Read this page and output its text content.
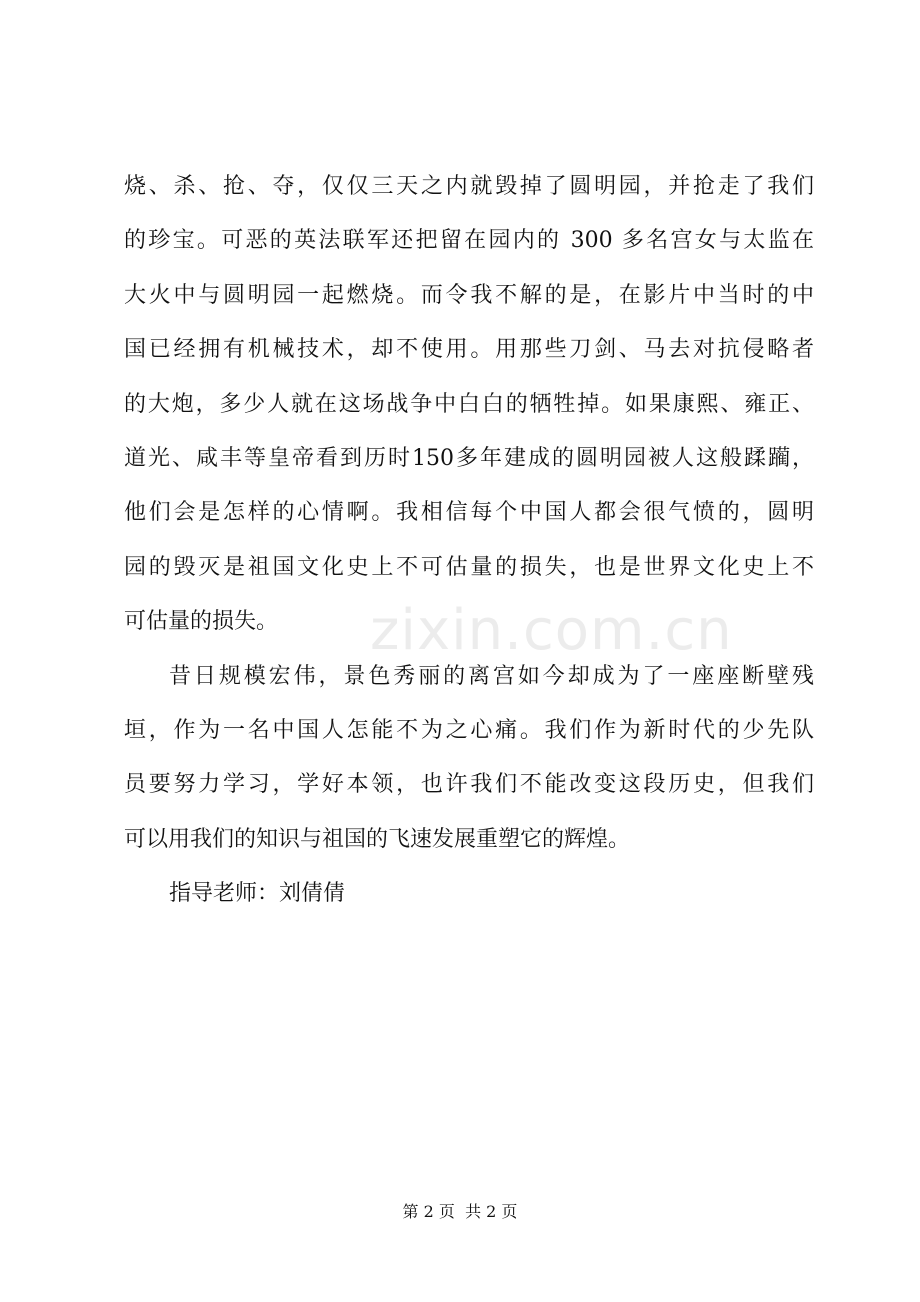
zixin.com.cn
烧、杀、抢、夺，仅仅三天之内就毁掉了圆明园，并抢走了我们
的珍宝。可恶的英法联军还把留在园内的 300 多名宫女与太监在
大火中与圆明园一起燃烧。而令我不解的是，在影片中当时的中
国已经拥有机械技术，却不使用。用那些刀剑、马去对抗侵略者
的大炮，多少人就在这场战争中白白的牺牲掉。如果康熙、雍正、
道光、咸丰等皇帝看到历时150多年建成的圆明园被人这般蹂躏，
他们会是怎样的心情啊。我相信每个中国人都会很气愤的，圆明
园的毁灭是祖国文化史上不可估量的损失，也是世界文化史上不
可估量的损失。
昔日规模宏伟，景色秀丽的离宫如今却成为了一座座断壁残
垣，作为一名中国人怎能不为之心痛。我们作为新时代的少先队
员要努力学习，学好本领，也许我们不能改变这段历史，但我们
可以用我们的知识与祖国的飞速发展重塑它的辉煌。
指导老师：刘倩倩
第 2 页  共 2 页
